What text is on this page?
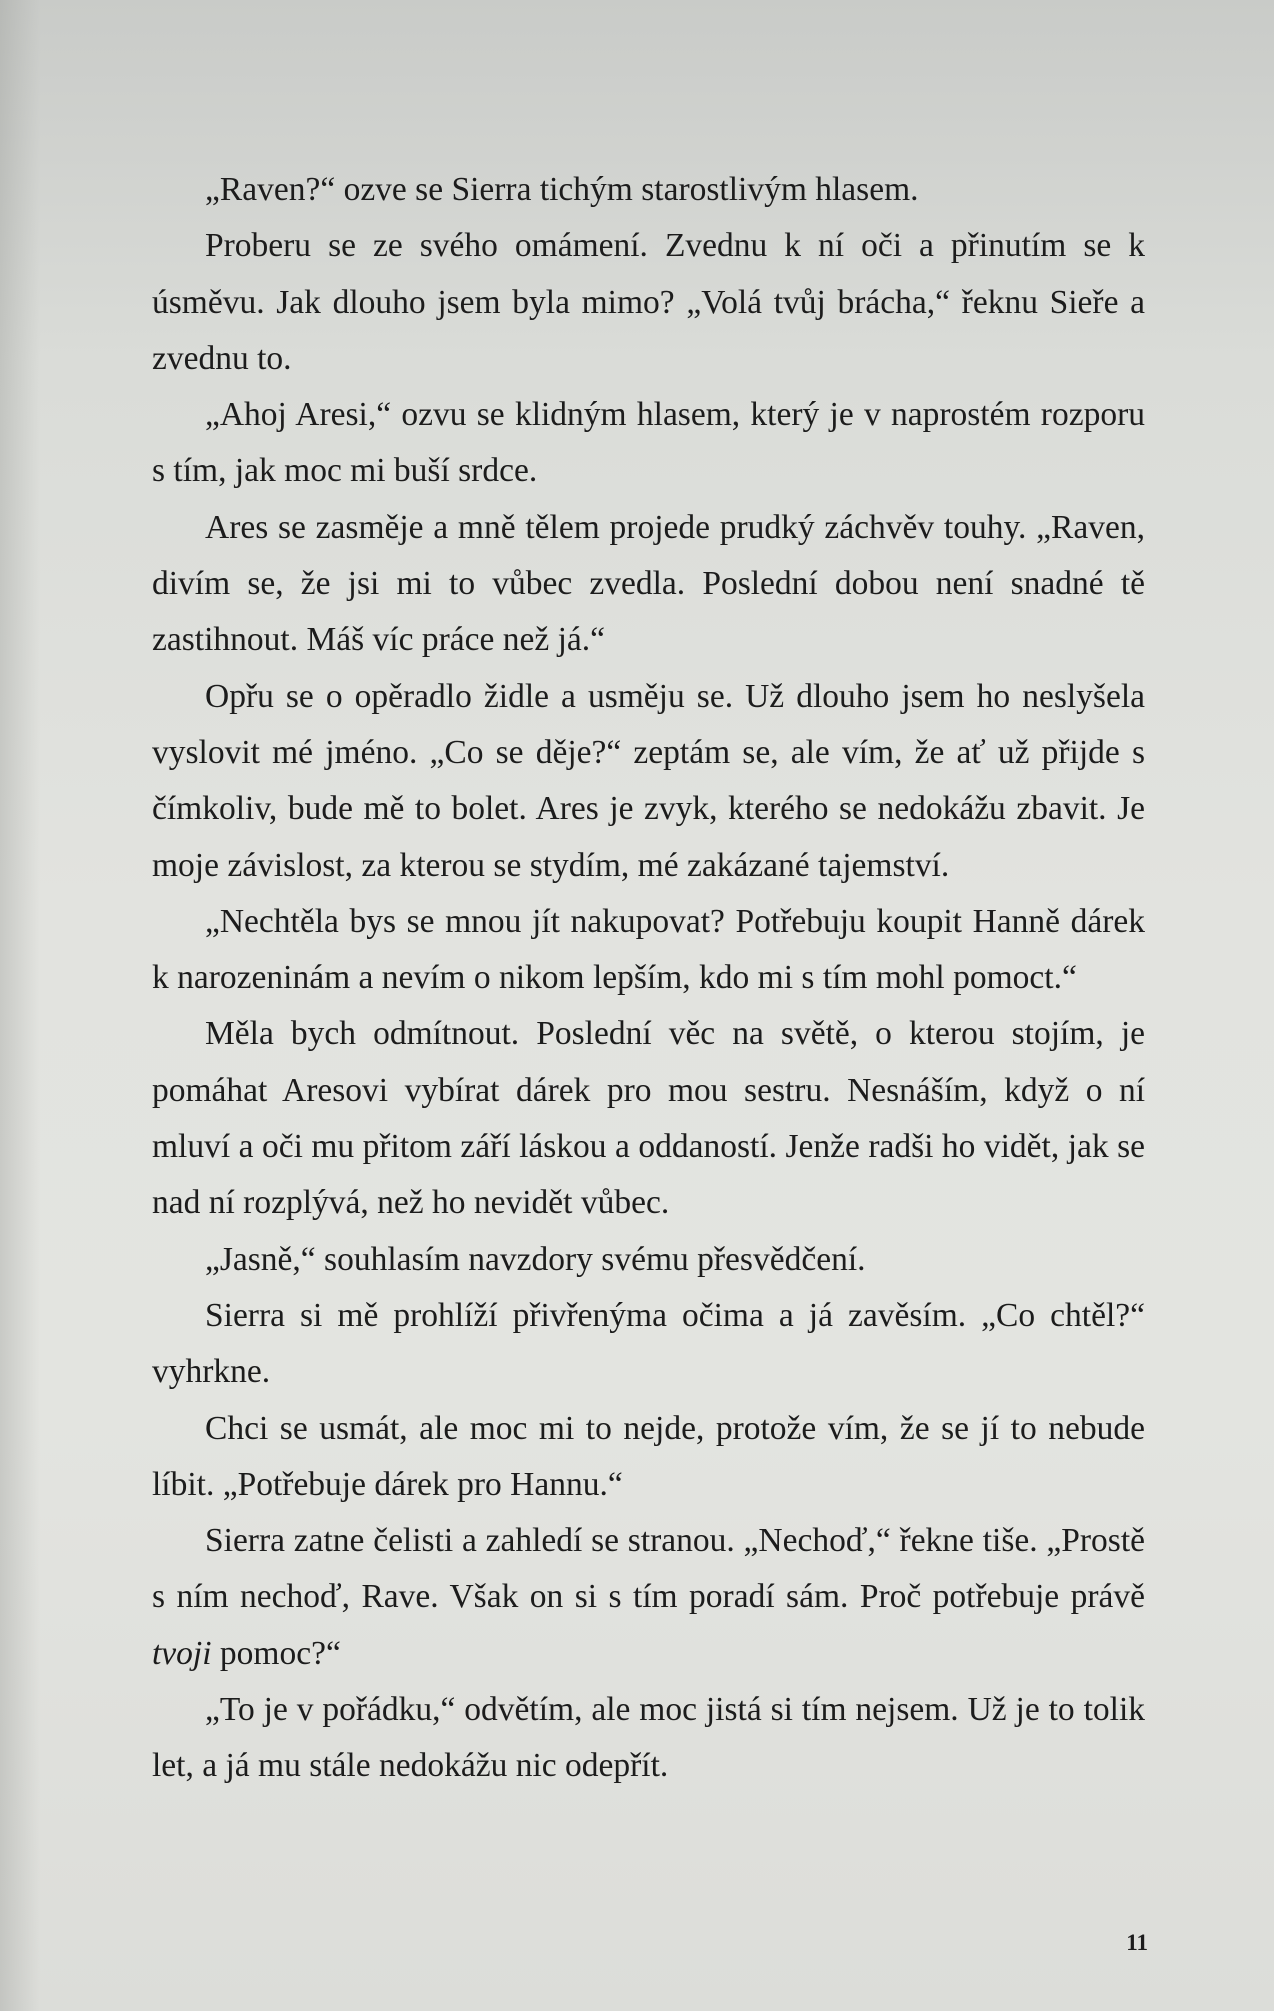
„Raven?“ ozve se Sierra tichým starostlivým hlasem.

Proberu se ze svého omámení. Zvednu k ní oči a přinutím se k úsměvu. Jak dlouho jsem byla mimo? „Volá tvůj brácha,“ řeknu Sieře a zvednu to.

„Ahoj Aresi,“ ozvu se klidným hlasem, který je v naprostém rozporu s tím, jak moc mi buší srdce.

Ares se zasměje a mně tělem projede prudký záchvěv touhy. „Raven, divím se, že jsi mi to vůbec zvedla. Poslední dobou není snadné tě zastihnout. Máš víc práce než já.“

Opřu se o opěradlo židle a usměju se. Už dlouho jsem ho neslyšela vyslovit mé jméno. „Co se děje?“ zeptám se, ale vím, že ať už přijde s čímkoliv, bude mě to bolet. Ares je zvyk, kterého se nedokážu zbavit. Je moje závislost, za kterou se stydím, mé zakázané tajemství.

„Nechtěla bys se mnou jít nakupovat? Potřebuju koupit Hanně dárek k narozeninám a nevím o nikom lepším, kdo mi s tím mohl pomoct.“

Měla bych odmítnout. Poslední věc na světě, o kterou stojím, je pomáhat Aresovi vybírat dárek pro mou sestru. Nesnáším, když o ní mluví a oči mu přitom září láskou a oddaností. Jenže radši ho vidět, jak se nad ní rozplývá, než ho nevidět vůbec.

„Jasně,“ souhlasím navzdory svému přesvědčení.

Sierra si mě prohlíží přivřenýma očima a já zavěsím. „Co chtěl?“ vyhrkne.

Chci se usmát, ale moc mi to nejde, protože vím, že se jí to nebude líbit. „Potřebuje dárek pro Hannu.“

Sierra zatne čelisti a zahledí se stranou. „Nechoď,“ řekne tiše. „Prostě s ním nechoď, Rave. Však on si s tím poradí sám. Proč potřebuje právě tvoji pomoc?“

„To je v pořádku,“ odvětím, ale moc jistá si tím nejsem. Už je to tolik let, a já mu stále nedokážu nic odepřít.

11
